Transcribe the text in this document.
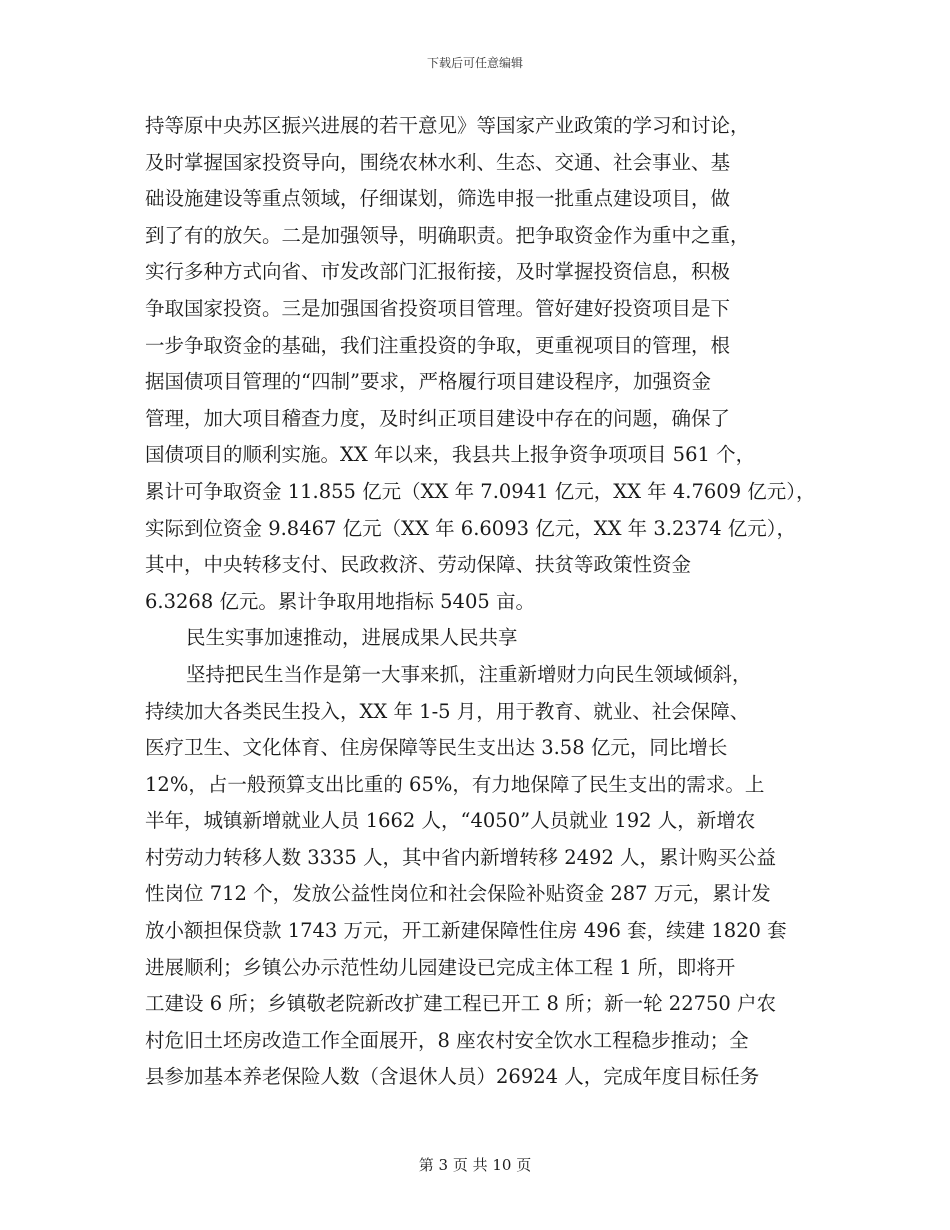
下载后可任意编辑
持等原中央苏区振兴进展的若干意见》等国家产业政策的学习和讨论，
及时掌握国家投资导向，围绕农林水利、生态、交通、社会事业、基
础设施建设等重点领域，仔细谋划，筛选申报一批重点建设项目，做
到了有的放矢。二是加强领导，明确职责。把争取资金作为重中之重，
实行多种方式向省、市发改部门汇报衔接，及时掌握投资信息，积极
争取国家投资。三是加强国省投资项目管理。管好建好投资项目是下
一步争取资金的基础，我们注重投资的争取，更重视项目的管理，根
据国债项目管理的“四制”要求，严格履行项目建设程序，加强资金
管理，加大项目稽查力度，及时纠正项目建设中存在的问题，确保了
国债项目的顺利实施。XX 年以来，我县共上报争资争项项目 561 个，
累计可争取资金 11.855 亿元（XX 年 7.0941 亿元，XX 年 4.7609 亿元），
实际到位资金 9.8467 亿元（XX 年 6.6093 亿元，XX 年 3.2374 亿元），
其中，中央转移支付、民政救济、劳动保障、扶贫等政策性资金
6.3268 亿元。累计争取用地指标 5405 亩。
民生实事加速推动，进展成果人民共享
坚持把民生当作是第一大事来抓，注重新增财力向民生领域倾斜，
持续加大各类民生投入，XX 年 1-5 月，用于教育、就业、社会保障、
医疗卫生、文化体育、住房保障等民生支出达 3.58 亿元，同比增长
12%，占一般预算支出比重的 65%，有力地保障了民生支出的需求。上
半年，城镇新增就业人员 1662 人，“4050”人员就业 192 人，新增农
村劳动力转移人数 3335 人，其中省内新增转移 2492 人，累计购买公益
性岗位 712 个，发放公益性岗位和社会保险补贴资金 287 万元，累计发
放小额担保贷款 1743 万元，开工新建保障性住房 496 套，续建 1820 套
进展顺利；乡镇公办示范性幼儿园建设已完成主体工程 1 所，即将开
工建设 6 所；乡镇敬老院新改扩建工程已开工 8 所；新一轮 22750 户农
村危旧土坯房改造工作全面展开，8 座农村安全饮水工程稳步推动；全
县参加基本养老保险人数（含退休人员）26924 人，完成年度目标任务
第 3 页 共 10 页
